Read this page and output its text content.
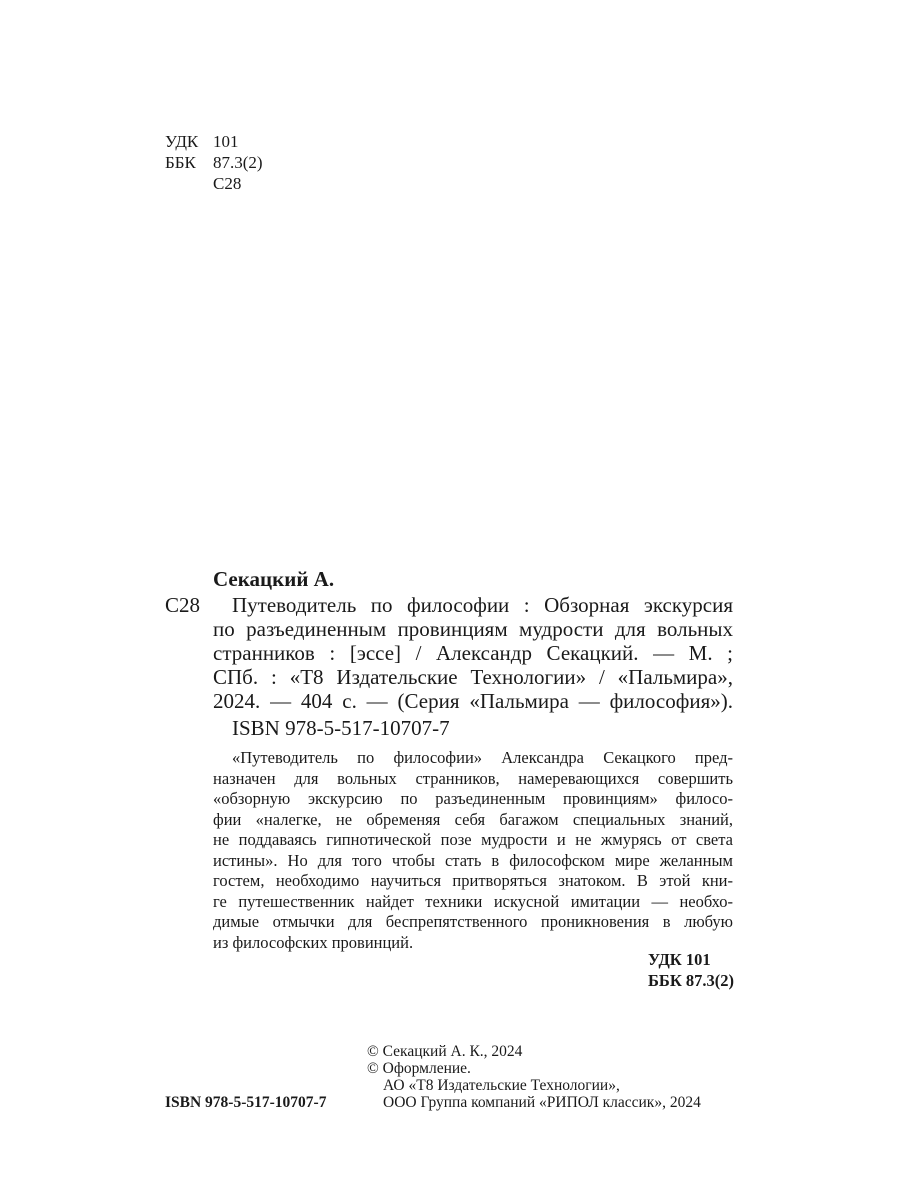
УДК 101
ББК 87.3(2)
С28
Секацкий А.
С28 Путеводитель по философии : Обзорная экскурсия
по разъединенным провинциям мудрости для вольных
странников : [эссе] / Александр Секацкий. — М. ;
СПб. : «Т8 Издательские Технологии» / «Пальмира»,
2024. — 404 с. — (Серия «Пальмира — философия»).
ISBN 978-5-517-10707-7
«Путеводитель по философии» Александра Секацкого пред-
назначен для вольных странников, намеревающихся совершить
«обзорную экскурсию по разъединенным провинциям» филосо-
фии «налегке, не обременяя себя багажом специальных знаний,
не поддаваясь гипнотической позе мудрости и не жмурясь от света
истины». Но для того чтобы стать в философском мире желанным
гостем, необходимо научиться притворяться знатоком. В этой кни-
ге путешественник найдет техники искусной имитации — необхо-
димые отмычки для беспрепятственного проникновения в любую
из философских провинций.
УДК 101
ББК 87.3(2)
ISBN 978-5-517-10707-7
© Секацкий А. К., 2024
© Оформление.
АО «Т8 Издательские Технологии»,
ООО Группа компаний «РИПОЛ классик», 2024
